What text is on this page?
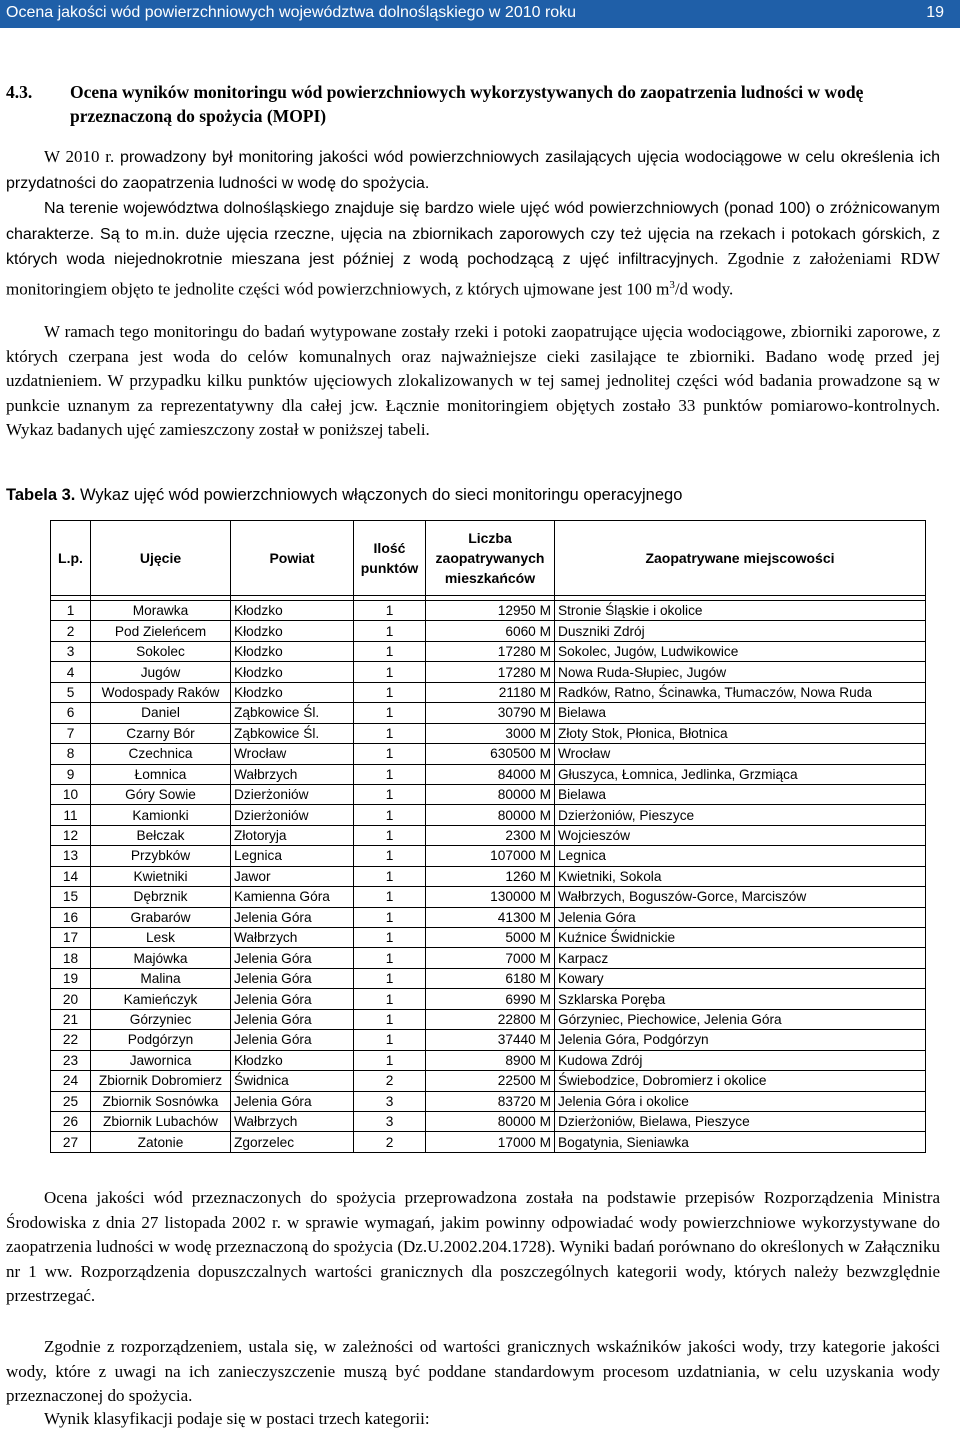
Ocena jakości wód powierzchniowych województwa dolnośląskiego w 2010 roku	19
4.3. Ocena wyników monitoringu wód powierzchniowych wykorzystywanych do zaopatrzenia ludności w wodę przeznaczoną do spożycia (MOPI)
W 2010 r. prowadzony był monitoring jakości wód powierzchniowych zasilających ujęcia wodociągowe w celu określenia ich przydatności do zaopatrzenia ludności w wodę do spożycia.
Na terenie województwa dolnośląskiego znajduje się bardzo wiele ujęć wód powierzchniowych (ponad 100) o zróżnicowanym charakterze. Są to m.in. duże ujęcia rzeczne, ujęcia na zbiornikach zaporowych czy też ujęcia na rzekach i potokach górskich, z których woda niejednokrotnie mieszana jest później z wodą pochodzącą z ujęć infiltracyjnych. Zgodnie z założeniami RDW monitoringiem objęto te jednolite części wód powierzchniowych, z których ujmowane jest 100 $m^3/d$ wody.
W ramach tego monitoringu do badań wytypowane zostały rzeki i potoki zaopatrujące ujęcia wodociągowe, zbiorniki zaporowe, z których czerpana jest woda do celów komunalnych oraz najważniejsze cieki zasilające te zbiorniki. Badano wodę przed jej uzdatnieniem. W przypadku kilku punktów ujęciowych zlokalizowanych w tej samej jednolitej części wód badania prowadzone są w punkcie uznanym za reprezentatywny dla całej jcw. Łącznie monitoringiem objętych zostało 33 punktów pomiarowo-kontrolnych. Wykaz badanych ujęć zamieszczony został w poniższej tabeli.
Tabela 3. Wykaz ujęć wód powierzchniowych włączonych do sieci monitoringu operacyjnego
L.p.	Ujęcie	Powiat	Ilość punktów	Liczba zaopatrywanych mieszkańców	Zaopatrywane miejscowości

1	Morawka	Kłodzko	1	12950 M	Stronie Śląskie i okolice
2	Pod Zieleńcem	Kłodzko	1	6060 M	Duszniki Zdrój
3	Sokolec	Kłodzko	1	17280 M	Sokolec, Jugów, Ludwikowice
4	Jugów	Kłodzko	1	17280 M	Nowa Ruda-Słupiec, Jugów
5	Wodospady Raków	Kłodzko	1	21180 M	Radków, Ratno, Ścinawka, Tłumaczów, Nowa Ruda
6	Daniel	Ząbkowice Śl.	1	30790 M	Bielawa
7	Czarny Bór	Ząbkowice Śl.	1	3000 M	Złoty Stok, Płonica, Błotnica
8	Czechnica	Wrocław	1	630500 M	Wrocław
9	Łomnica	Wałbrzych	1	84000 M	Głuszyca, Łomnica, Jedlinka, Grzmiąca
10	Góry Sowie	Dzierżoniów	1	80000 M	Bielawa
11	Kamionki	Dzierżoniów	1	80000 M	Dzierżoniów, Pieszyce
12	Bełczak	Złotoryja	1	2300 M	Wojcieszów
13	Przybków	Legnica	1	107000 M	Legnica
14	Kwietniki	Jawor	1	1260 M	Kwietniki, Sokola
15	Dębrznik	Kamienna Góra	1	130000 M	Wałbrzych, Boguszów-Gorce, Marciszów
16	Grabarów	Jelenia Góra	1	41300 M	Jelenia Góra
17	Lesk	Wałbrzych	1	5000 M	Kuźnice Świdnickie
18	Majówka	Jelenia Góra	1	7000 M	Karpacz
19	Malina	Jelenia Góra	1	6180 M	Kowary
20	Kamieńczyk	Jelenia Góra	1	6990 M	Szklarska Poręba
21	Górzyniec	Jelenia Góra	1	22800 M	Górzyniec, Piechowice, Jelenia Góra
22	Podgórzyn	Jelenia Góra	1	37440 M	Jelenia Góra, Podgórzyn
23	Jawornica	Kłodzko	1	8900 M	Kudowa Zdrój
24	Zbiornik Dobromierz	Świdnica	2	22500 M	Świebodzice, Dobromierz i okolice
25	Zbiornik Sosnówka	Jelenia Góra	3	83720 M	Jelenia Góra i okolice
26	Zbiornik Lubachów	Wałbrzych	3	80000 M	Dzierżoniów, Bielawa, Pieszyce
27	Zatonie	Zgorzelec	2	17000 M	Bogatynia, Sieniawka
Ocena jakości wód przeznaczonych do spożycia przeprowadzona została na podstawie przepisów Rozporządzenia Ministra Środowiska z dnia 27 listopada 2002 r. w sprawie wymagań, jakim powinny odpowiadać wody powierzchniowe wykorzystywane do zaopatrzenia ludności w wodę przeznaczoną do spożycia (Dz.U.2002.204.1728). Wyniki badań porównano do określonych w Załączniku nr 1 ww. Rozporządzenia dopuszczalnych wartości granicznych dla poszczególnych kategorii wody, których należy bezwzględnie przestrzegać.
Zgodnie z rozporządzeniem, ustala się, w zależności od wartości granicznych wskaźników jakości wody, trzy kategorie jakości wody, które z uwagi na ich zanieczyszczenie muszą być poddane standardowym procesom uzdatniania, w celu uzyskania wody przeznaczonej do spożycia.
Wynik klasyfikacji podaje się w postaci trzech kategorii:
